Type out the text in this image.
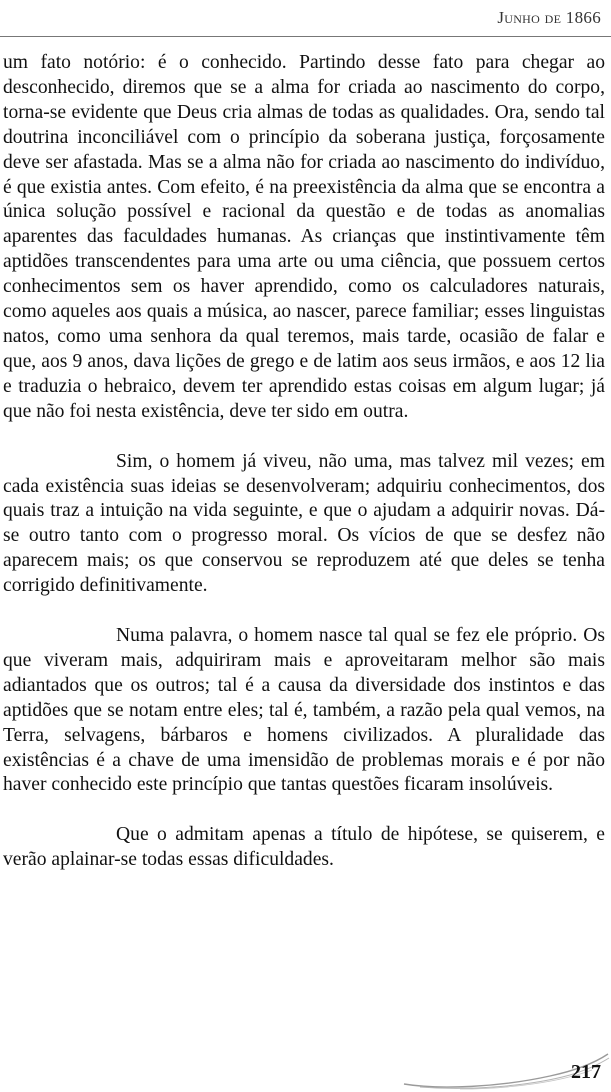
Junho de 1866

um fato notório: é o conhecido. Partindo desse fato para chegar ao desconhecido, diremos que se a alma for criada ao nascimento do corpo, torna-se evidente que Deus cria almas de todas as qualidades. Ora, sendo tal doutrina inconciliável com o princípio da soberana justiça, forçosamente deve ser afastada. Mas se a alma não for criada ao nascimento do indivíduo, é que existia antes. Com efeito, é na preexistência da alma que se encontra a única solução possível e racional da questão e de todas as anomalias aparentes das faculdades humanas. As crianças que instintivamente têm aptidões transcendentes para uma arte ou uma ciência, que possuem certos conhecimentos sem os haver aprendido, como os calculadores naturais, como aqueles aos quais a música, ao nascer, parece familiar; esses linguistas natos, como uma senhora da qual teremos, mais tarde, ocasião de falar e que, aos 9 anos, dava lições de grego e de latim aos seus irmãos, e aos 12 lia e traduzia o hebraico, devem ter aprendido estas coisas em algum lugar; já que não foi nesta existência, deve ter sido em outra.

Sim, o homem já viveu, não uma, mas talvez mil vezes; em cada existência suas ideias se desenvolveram; adquiriu conhecimentos, dos quais traz a intuição na vida seguinte, e que o ajudam a adquirir novas. Dá-se outro tanto com o progresso moral. Os vícios de que se desfez não aparecem mais; os que conservou se reproduzem até que deles se tenha corrigido definitivamente.

Numa palavra, o homem nasce tal qual se fez ele próprio. Os que viveram mais, adquiriram mais e aproveitaram melhor são mais adiantados que os outros; tal é a causa da diversidade dos instintos e das aptidões que se notam entre eles; tal é, também, a razão pela qual vemos, na Terra, selvagens, bárbaros e homens civilizados. A pluralidade das existências é a chave de uma imensidão de problemas morais e é por não haver conhecido este princípio que tantas questões ficaram insolúveis.

Que o admitam apenas a título de hipótese, se quiserem, e verão aplainar-se todas essas dificuldades.

217
